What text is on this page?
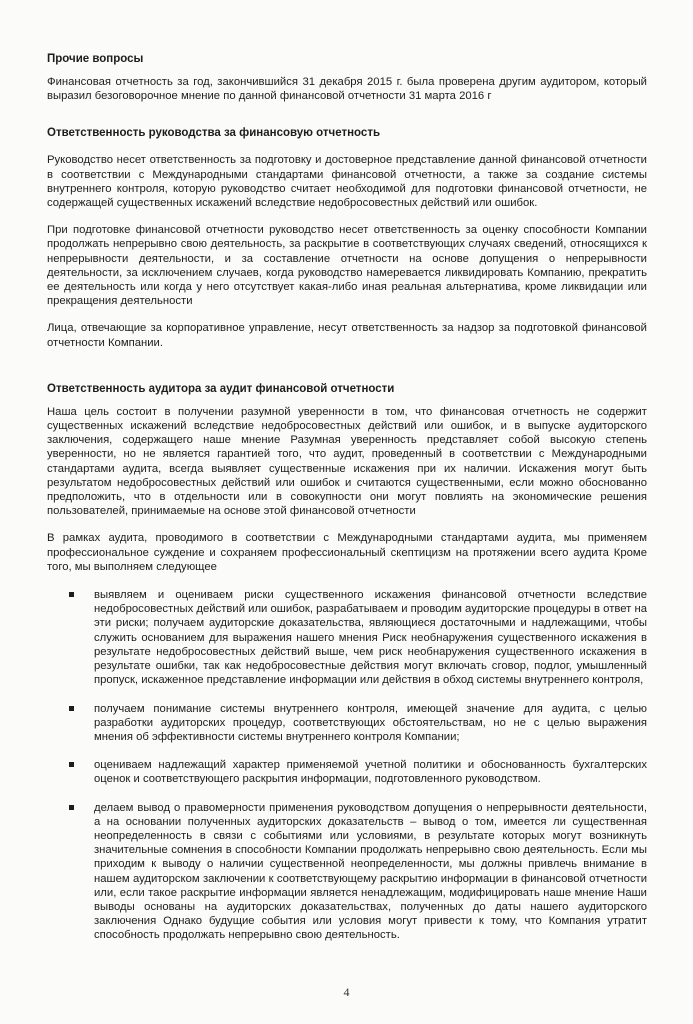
Прочие вопросы

Финансовая отчетность за год, закончившийся 31 декабря 2015 г. была проверена другим аудитором, который выразил безоговорочное мнение по данной финансовой отчетности 31 марта 2016 г

Ответственность руководства за финансовую отчетность

Руководство несет ответственность за подготовку и достоверное представление данной финансовой отчетности в соответствии с Международными стандартами финансовой отчетности, а также за создание системы внутреннего контроля, которую руководство считает необходимой для подготовки финансовой отчетности, не содержащей существенных искажений вследствие недобросовестных действий или ошибок.

При подготовке финансовой отчетности руководство несет ответственность за оценку способности Компании продолжать непрерывно свою деятельность, за раскрытие в соответствующих случаях сведений, относящихся к непрерывности деятельности, и за составление отчетности на основе допущения о непрерывности деятельности, за исключением случаев, когда руководство намеревается ликвидировать Компанию, прекратить ее деятельность или когда у него отсутствует какая-либо иная реальная альтернатива, кроме ликвидации или прекращения деятельности

Лица, отвечающие за корпоративное управление, несут ответственность за надзор за подготовкой финансовой отчетности Компании.

Ответственность аудитора за аудит финансовой отчетности

Наша цель состоит в получении разумной уверенности в том, что финансовая отчетность не содержит существенных искажений вследствие недобросовестных действий или ошибок, и в выпуске аудиторского заключения, содержащего наше мнение Разумная уверенность представляет собой высокую степень уверенности, но не является гарантией того, что аудит, проведенный в соответствии с Международными стандартами аудита, всегда выявляет существенные искажения при их наличии. Искажения могут быть результатом недобросовестных действий или ошибок и считаются существенными, если можно обоснованно предположить, что в отдельности или в совокупности они могут повлиять на экономические решения пользователей, принимаемые на основе этой финансовой отчетности

В рамках аудита, проводимого в соответствии с Международными стандартами аудита, мы применяем профессиональное суждение и сохраняем профессиональный скептицизм на протяжении всего аудита Кроме того, мы выполняем следующее

выявляем и оцениваем риски существенного искажения финансовой отчетности вследствие недобросовестных действий или ошибок, разрабатываем и проводим аудиторские процедуры в ответ на эти риски; получаем аудиторские доказательства, являющиеся достаточными и надлежащими, чтобы служить основанием для выражения нашего мнения Риск необнаружения существенного искажения в результате недобросовестных действий выше, чем риск необнаружения существенного искажения в результате ошибки, так как недобросовестные действия могут включать сговор, подлог, умышленный пропуск, искаженное представление информации или действия в обход системы внутреннего контроля,

получаем понимание системы внутреннего контроля, имеющей значение для аудита, с целью разработки аудиторских процедур, соответствующих обстоятельствам, но не с целью выражения мнения об эффективности системы внутреннего контроля Компании;

оцениваем надлежащий характер применяемой учетной политики и обоснованность бухгалтерских оценок и соответствующего раскрытия информации, подготовленного руководством.

делаем вывод о правомерности применения руководством допущения о непрерывности деятельности, а на основании полученных аудиторских доказательств – вывод о том, имеется ли существенная неопределенность в связи с событиями или условиями, в результате которых могут возникнуть значительные сомнения в способности Компании продолжать непрерывно свою деятельность. Если мы приходим к выводу о наличии существенной неопределенности, мы должны привлечь внимание в нашем аудиторском заключении к соответствующему раскрытию информации в финансовой отчетности или, если такое раскрытие информации является ненадлежащим, модифицировать наше мнение Наши выводы основаны на аудиторских доказательствах, полученных до даты нашего аудиторского заключения Однако будущие события или условия могут привести к тому, что Компания утратит способность продолжать непрерывно свою деятельность.

4
